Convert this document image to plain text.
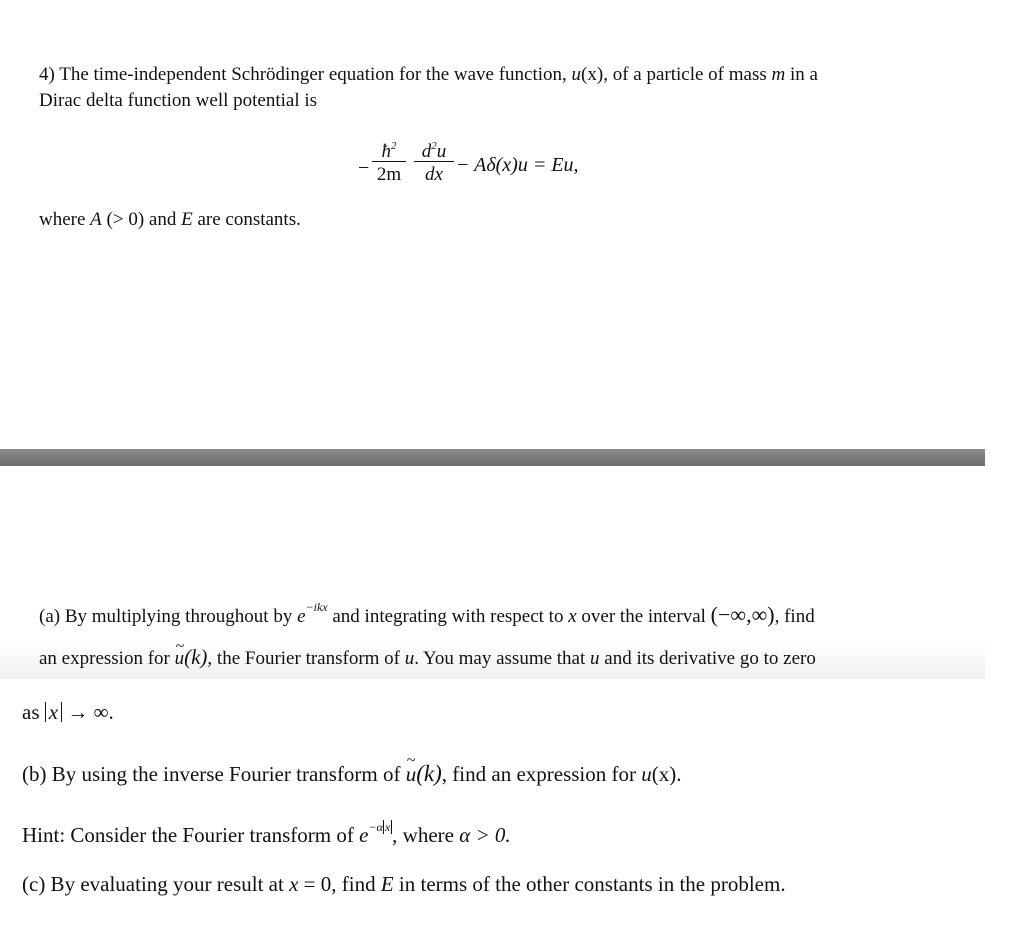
4) The time-independent Schrödinger equation for the wave function, u(x), of a particle of mass m in a
Dirac delta function well potential is
−
$ħ^2$
2m
$d^2u$
dx − Aδ(x)u = Eu,
where A (> 0) and E are constants.
(a) By multiplying throughout by $e^{-ikx}$ and integrating with respect to x over the interval (−∞,∞), find
an expression for ~ u(k), the Fourier transform of u. You may assume that u and its derivative go to zero
as x → ∞.
(b) By using the inverse Fourier transform of ~ u(k), find an expression for u(x).
Hint: Consider the Fourier transform of $e^{-\alpha x}$, where α > 0.
(c) By evaluating your result at x = 0, find E in terms of the other constants in the problem.
